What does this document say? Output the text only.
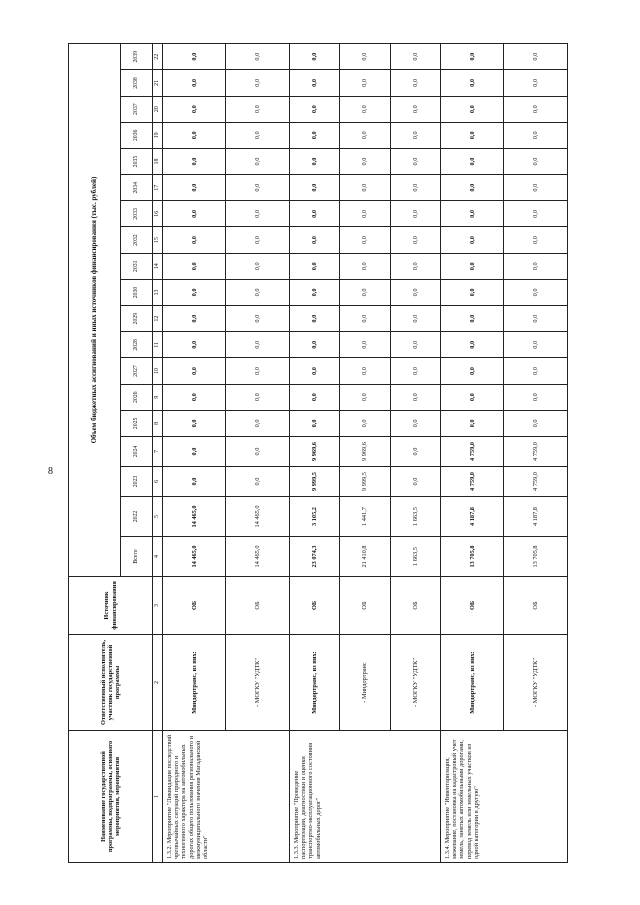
8
Наименование государственной программы, подпрограммы, основного мероприятия, мероприятия	Ответственный исполнитель, участник государственной программы	Источник финансирования	Объем бюджетных ассигнований и иных источников финансирования (тыс. рублей)																		
			Всего	2022	2023	2024	2025	2026	2027	2028	2029	2030	2031	2032	2033	2034	2035	2036	2037	2038	2039
1	2	3	4	5	6	7	8	9	10	11	12	13	14	15	16	17	18	19	20	21	22
1.3.2. Мероприятие "Ликвидация последствий чрезвычайных ситуаций природного и техногенного характера на автомобильных дорогах общего пользования регионального и межмуниципального значения Магаданской области"	Миндортранс, из них:	ОБ	14 465,0	14 465,0	0,0	0,0	0,0	0,0	0,0	0,0	0,0	0,0	0,0	0,0	0,0	0,0	0,0	0,0	0,0	0,0	0,0
	- МОГКУ "УДТК"	ОБ	14 465,0	14 465,0	0,0	0,0	0,0	0,0	0,0	0,0	0,0	0,0	0,0	0,0	0,0	0,0	0,0	0,0	0,0	0,0	0,0
1.3.3. Мероприятие "Проведение паспортизации, диагностики и оценки транспортно-эксплуатационного состояния автомобильных дорог"	Миндортранс, из них:	ОБ	23 074,3	3 105,2	9 999,5	9 969,6	0,0	0,0	0,0	0,0	0,0	0,0	0,0	0,0	0,0	0,0	0,0	0,0	0,0	0,0	0,0
	- Миндортранс	ОБ	21 410,8	1 441,7	9 999,5	9 969,6	0,0	0,0	0,0	0,0	0,0	0,0	0,0	0,0	0,0	0,0	0,0	0,0	0,0	0,0	0,0
	- МОГКУ "УДТК"	ОБ	1 663,5	1 663,5	0,0	0,0	0,0	0,0	0,0	0,0	0,0	0,0	0,0	0,0	0,0	0,0	0,0	0,0	0,0	0,0	0,0
1.3.4. Мероприятие "Инвентаризация, межевание, постановка на кадастровый учет земель, занятых автомобильными дорогами, перевод земель или земельных участков из одной категории в другую"	Миндортранс, из них:	ОБ	13 705,8	4 187,8	4 759,0	4 759,0	0,0	0,0	0,0	0,0	0,0	0,0	0,0	0,0	0,0	0,0	0,0	0,0	0,0	0,0	0,0
	- МОГКУ "УДТК"	ОБ	13 705,8	4 187,8	4 759,0	4 759,0	0,0	0,0	0,0	0,0	0,0	0,0	0,0	0,0	0,0	0,0	0,0	0,0	0,0	0,0	0,0
